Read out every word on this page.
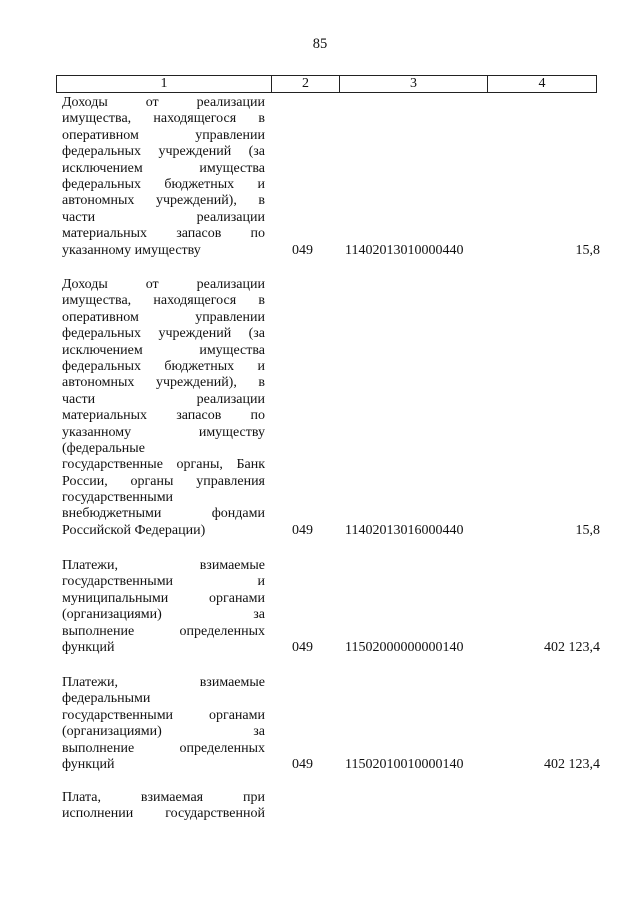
85
1	2	3	4
Доходы от реализации
имущества, находящегося в
оперативном управлении
федеральных учреждений (за
исключением имущества
федеральных бюджетных и
автономных учреждений), в
части реализации
материальных запасов по
указанному имуществу	049	11402013010000440	15,8
Доходы от реализации
имущества, находящегося в
оперативном управлении
федеральных учреждений (за
исключением имущества
федеральных бюджетных и
автономных учреждений), в
части реализации
материальных запасов по
указанному имуществу
(федеральные
государственные органы, Банк
России, органы управления
государственными
внебюджетными фондами
Российской Федерации)	049	11402013016000440	15,8
Платежи, взимаемые
государственными и
муниципальными органами
(организациями) за
выполнение определенных
функций	049	11502000000000140	402 123,4
Платежи, взимаемые
федеральными
государственными органами
(организациями) за
выполнение определенных
функций	049	11502010010000140	402 123,4
Плата, взимаемая при
исполнении государственной
